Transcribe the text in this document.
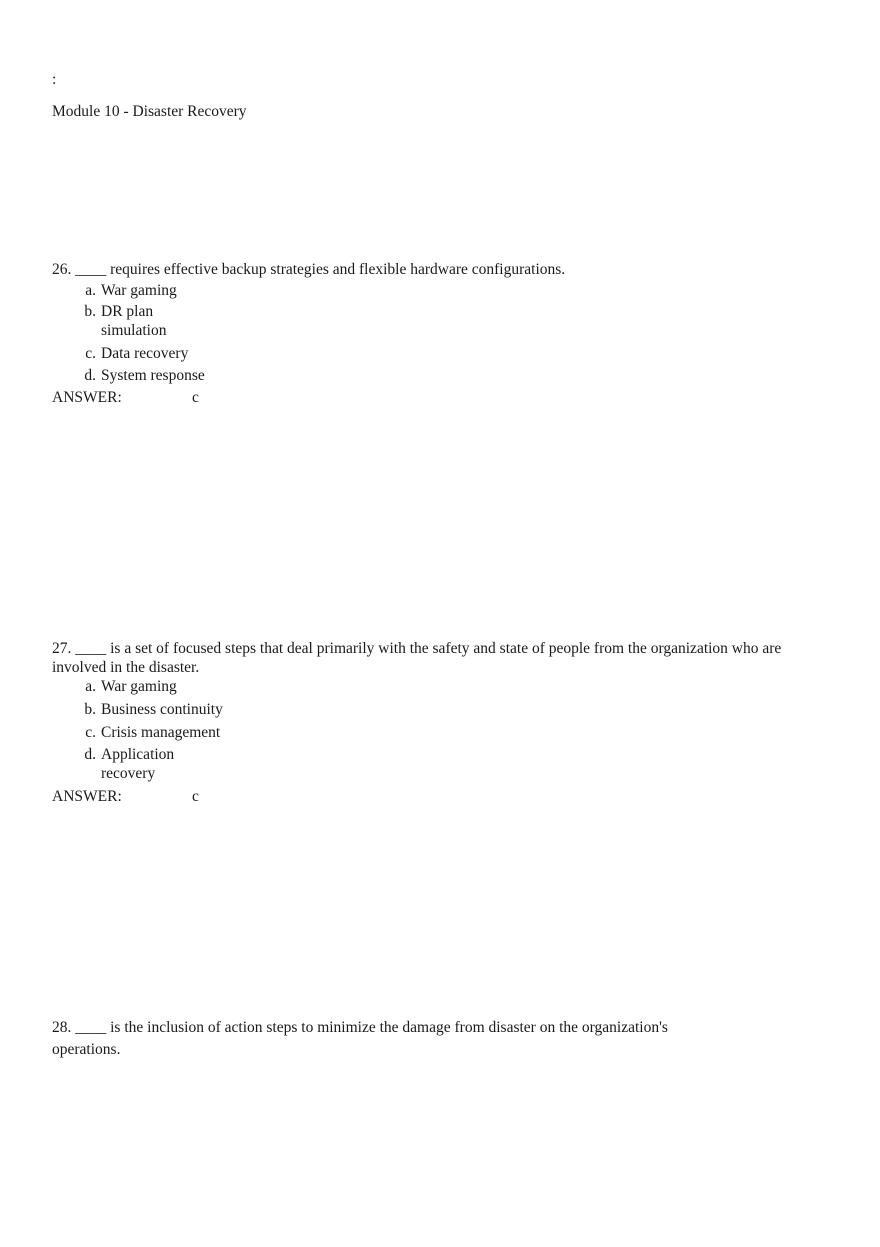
:
Module 10 - Disaster Recovery

26. ____ requires effective backup strategies and flexible hardware configurations.

a. War gaming
b. DR plan simulation
c. Data recovery
d. System response
ANSWER:	c

27. ____ is a set of focused steps that deal primarily with the safety and state of people from the organization who are involved in the disaster.

a. War gaming
b. Business continuity
c. Crisis management
d. Application recovery
ANSWER:	c

28. ____ is the inclusion of action steps to minimize the damage from disaster on the organization's operations.
